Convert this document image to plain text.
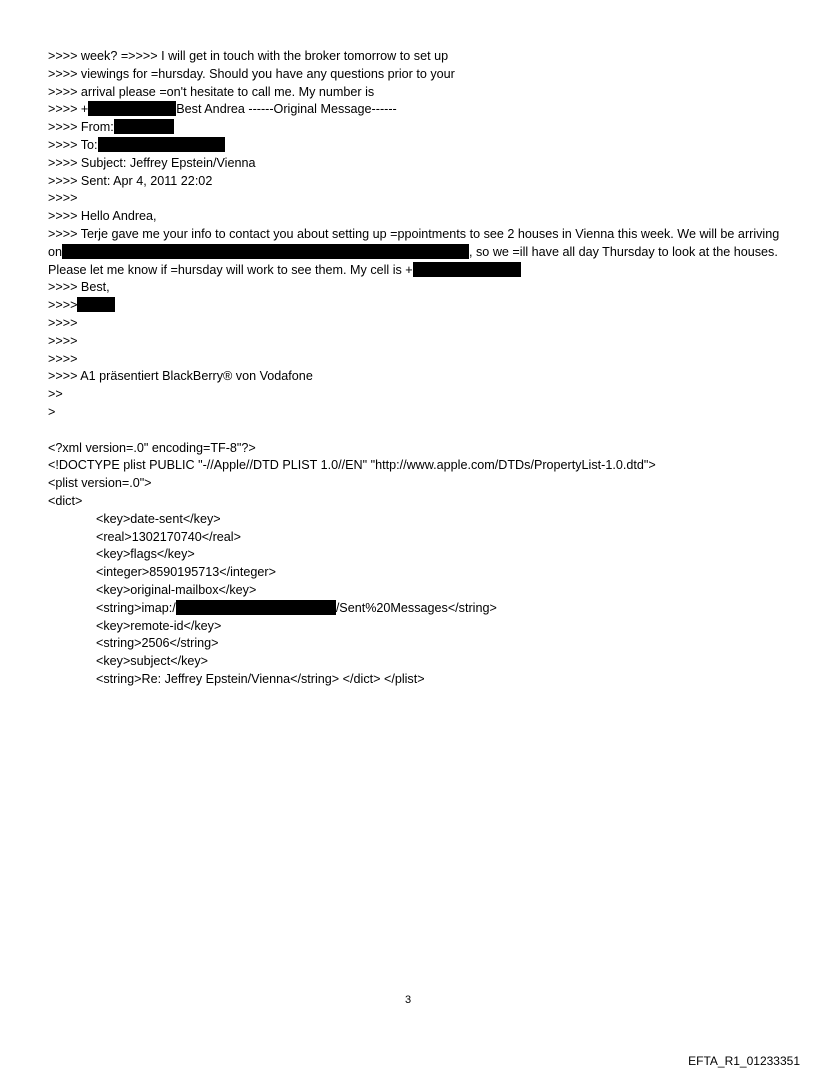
>>>> week? =>>>> I will get in touch with the broker tomorrow to set up
>>>> viewings for =hursday. Should you have any questions prior to your
>>>> arrival please =on't hesitate to call me. My number is
>>>> +	Best Andrea ------Original Message------
>>>> From:
>>>> To:
>>>> Subject: Jeffrey Epstein/Vienna
>>>> Sent: Apr 4, 2011 22:02
>>>>
>>>> Hello Andrea,
>>>> Terje gave me your info to contact you about setting up =ppointments to see 2 houses in Vienna this week. We will be arriving on	, so we =ill have all day Thursday to look at the houses. Please let me know if =hursday will work to see them. My cell is +
>>>> Best,
>>>>
>>>>
>>>>
>>>>
>>>> A1 präsentiert BlackBerry® von Vodafone
>>
>
<?xml version=.0" encoding=TF-8"?>
<!DOCTYPE plist PUBLIC "-//Apple//DTD PLIST 1.0//EN" "http://www.apple.com/DTDs/PropertyList-1.0.dtd">
<plist version=.0">
<dict>
<key>date-sent</key>
<real>1302170740</real>
<key>flags</key>
<integer>8590195713</integer>
<key>original-mailbox</key>
<string>imap:/	/Sent%20Messages</string>
<key>remote-id</key>
<string>2506</string>
<key>subject</key>
<string>Re: Jeffrey Epstein/Vienna</string> </dict> </plist>
3
EFTA_R1_01233351
